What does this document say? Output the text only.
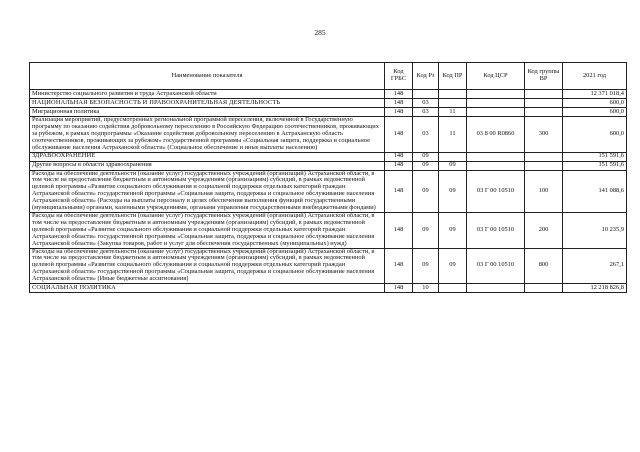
285
Наименование показателя	Код ГРБС	Код Рз	Код ПР	Код ЦСР	Код группы ВР	2021 год
Министерство социального развития и труда Астраханской области	148					12 371 018,4
НАЦИОНАЛЬНАЯ БЕЗОПАСНОСТЬ И ПРАВООХРАНИТЕЛЬНАЯ ДЕЯТЕЛЬНОСТЬ	148	03				600,0
Миграционная политика	148	03	11			600,0
Реализация мероприятий, предусмотренных региональной программой переселения, включенной в Государственную программу по оказанию содействия добровольному переселению в Российскую Федерацию соотечественников, проживающих за рубежом, в рамках подпрограммы «Оказание содействия добровольному переселению в Астраханскую область соотечественников, проживающих за рубежом» государственной программы «Социальная защита, поддержка и социальное обслуживание населения Астраханской области» (Социальное обеспечение и иные выплаты населению)	148	03	11	03 8 00 R0860	300	600,0
ЗДРАВООХРАНЕНИЕ	148	09				151 591,6
Другие вопросы в области здравоохранения	148	09	09			151 591,6
Расходы на обеспечение деятельности (оказание услуг) государственных учреждений (организаций) Астраханской области, в том числе на предоставление бюджетным и автономным учреждениям (организациям) субсидий, в рамках ведомственной целевой программы «Развитие социального обслуживания и социальной поддержки отдельных категорий граждан Астраханской области» государственной программы «Социальная защита, поддержка и социальное обслуживание населения Астраханской области» (Расходы на выплаты персоналу в целях обеспечения выполнения функций государственными (муниципальными) органами, казенными учреждениями, органами управления государственными внебюджетными фондами)	148	09	09	03 Г 00 10510	100	141 088,6
Расходы на обеспечение деятельности (оказание услуг) государственных учреждений (организаций) Астраханской области, в том числе на предоставление бюджетным и автономным учреждениям (организациям) субсидий, в рамках ведомственной целевой программы «Развитие социального обслуживания и социальной поддержки отдельных категорий граждан Астраханской области» государственной программы «Социальная защита, поддержка и социальное обслуживание населения Астраханской области» (Закупка товаров, работ и услуг для обеспечения государственных (муниципальных) нужд)	148	09	09	03 Г 00 10510	200	10 235,9
Расходы на обеспечение деятельности (оказание услуг) государственных учреждений (организаций) Астраханской области, в том числе на предоставление бюджетным и автономным учреждениям (организациям) субсидий, в рамках ведомственной целевой программы «Развитие социального обслуживания и социальной поддержки отдельных категорий граждан Астраханской области» государственной программы «Социальная защита, поддержка и социальное обслуживание населения Астраханской области» (Иные бюджетные ассигнования)	148	09	09	03 Г 00 10510	800	267,1
СОЦИАЛЬНАЯ ПОЛИТИКА	148	10				12 218 826,8
